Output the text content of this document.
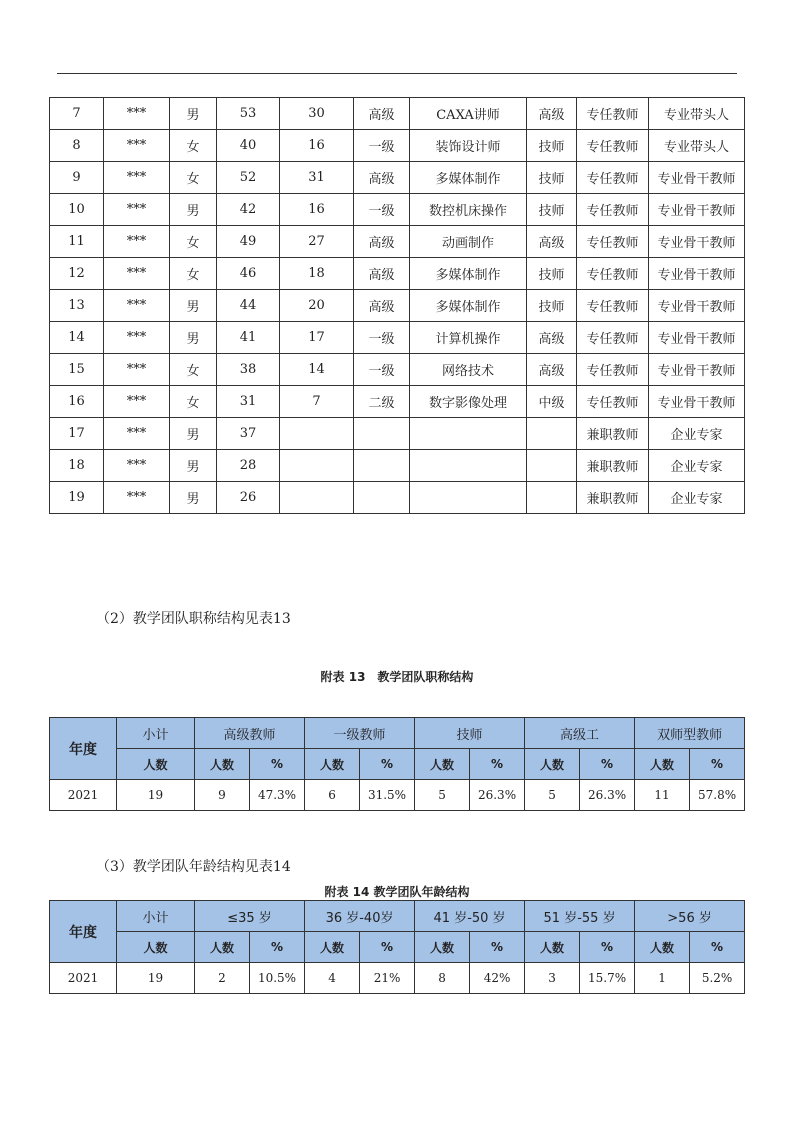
7	***	男	53	30	高级	CAXA讲师	高级	专任教师	专业带头人
8	***	女	40	16	一级	装饰设计师	技师	专任教师	专业带头人
9	***	女	52	31	高级	多媒体制作	技师	专任教师	专业骨干教师
10	***	男	42	16	一级	数控机床操作	技师	专任教师	专业骨干教师
11	***	女	49	27	高级	动画制作	高级	专任教师	专业骨干教师
12	***	女	46	18	高级	多媒体制作	技师	专任教师	专业骨干教师
13	***	男	44	20	高级	多媒体制作	技师	专任教师	专业骨干教师
14	***	男	41	17	一级	计算机操作	高级	专任教师	专业骨干教师
15	***	女	38	14	一级	网络技术	高级	专任教师	专业骨干教师
16	***	女	31	7	二级	数字影像处理	中级	专任教师	专业骨干教师
17	***	男	37					兼职教师	企业专家
18	***	男	28					兼职教师	企业专家
19	***	男	26					兼职教师	企业专家
（2）教学团队职称结构见表13
附表 13　教学团队职称结构
年度	小计	高级教师		一级教师		技师		高级工		双师型教师	
	人数	人数	%	人数	%	人数	%	人数	%	人数	%
2021	19	9	47.3%	6	31.5%	5	26.3%	5	26.3%	11	57.8%
（3）教学团队年龄结构见表14
附表 14 教学团队年龄结构
年度	小计	≤35 岁		36 岁-40岁		41 岁-50 岁		51 岁-55 岁		>56 岁	
	人数	人数	%	人数	%	人数	%	人数	%	人数	%
2021	19	2	10.5%	4	21%	8	42%	3	15.7%	1	5.2%
